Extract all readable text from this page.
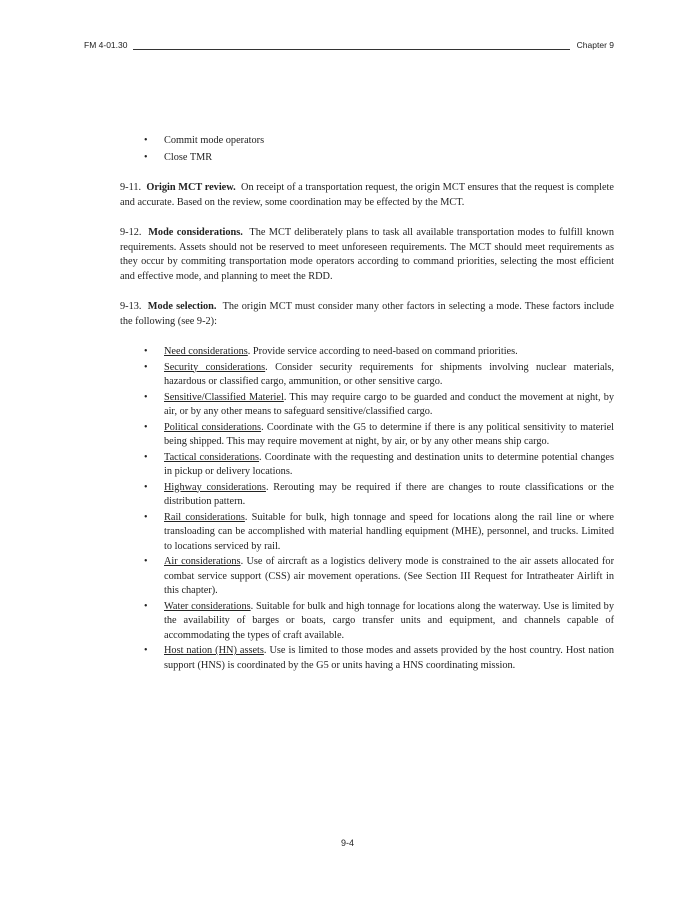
FM 4-01.30	Chapter 9
• Commit mode operators
• Close TMR

9-11. Origin MCT review. On receipt of a transportation request, the origin MCT ensures that the request is complete and accurate. Based on the review, some coordination may be effected by the MCT.

9-12. Mode considerations. The MCT deliberately plans to task all available transportation modes to fulfill known requirements. Assets should not be reserved to meet unforeseen requirements. The MCT should meet requirements as they occur by commiting transportation mode operators according to command priorities, selecting the most efficient and effective mode, and planning to meet the RDD.

9-13. Mode selection. The origin MCT must consider many other factors in selecting a mode. These factors include the following (see 9-2):

• Need considerations. Provide service according to need-based on command priorities.
• Security considerations. Consider security requirements for shipments involving nuclear materials, hazardous or classified cargo, ammunition, or other sensitive cargo.
• Sensitive/Classified Materiel. This may require cargo to be guarded and conduct the movement at night, by air, or by any other means to safeguard sensitive/classified cargo.
• Political considerations. Coordinate with the G5 to determine if there is any political sensitivity to materiel being shipped. This may require movement at night, by air, or by any other means ship cargo.
• Tactical considerations. Coordinate with the requesting and destination units to determine potential changes in pickup or delivery locations.
• Highway considerations. Rerouting may be required if there are changes to route classifications or the distribution pattern.
• Rail considerations. Suitable for bulk, high tonnage and speed for locations along the rail line or where transloading can be accomplished with material handling equipment (MHE), personnel, and trucks. Limited to locations serviced by rail.
• Air considerations. Use of aircraft as a logistics delivery mode is constrained to the air assets allocated for combat service support (CSS) air movement operations. (See Section III Request for Intratheater Airlift in this chapter).
• Water considerations. Suitable for bulk and high tonnage for locations along the waterway. Use is limited by the availability of barges or boats, cargo transfer units and equipment, and channels capable of accommodating the types of craft available.
• Host nation (HN) assets. Use is limited to those modes and assets provided by the host country. Host nation support (HNS) is coordinated by the G5 or units having a HNS coordinating mission.
9-4
